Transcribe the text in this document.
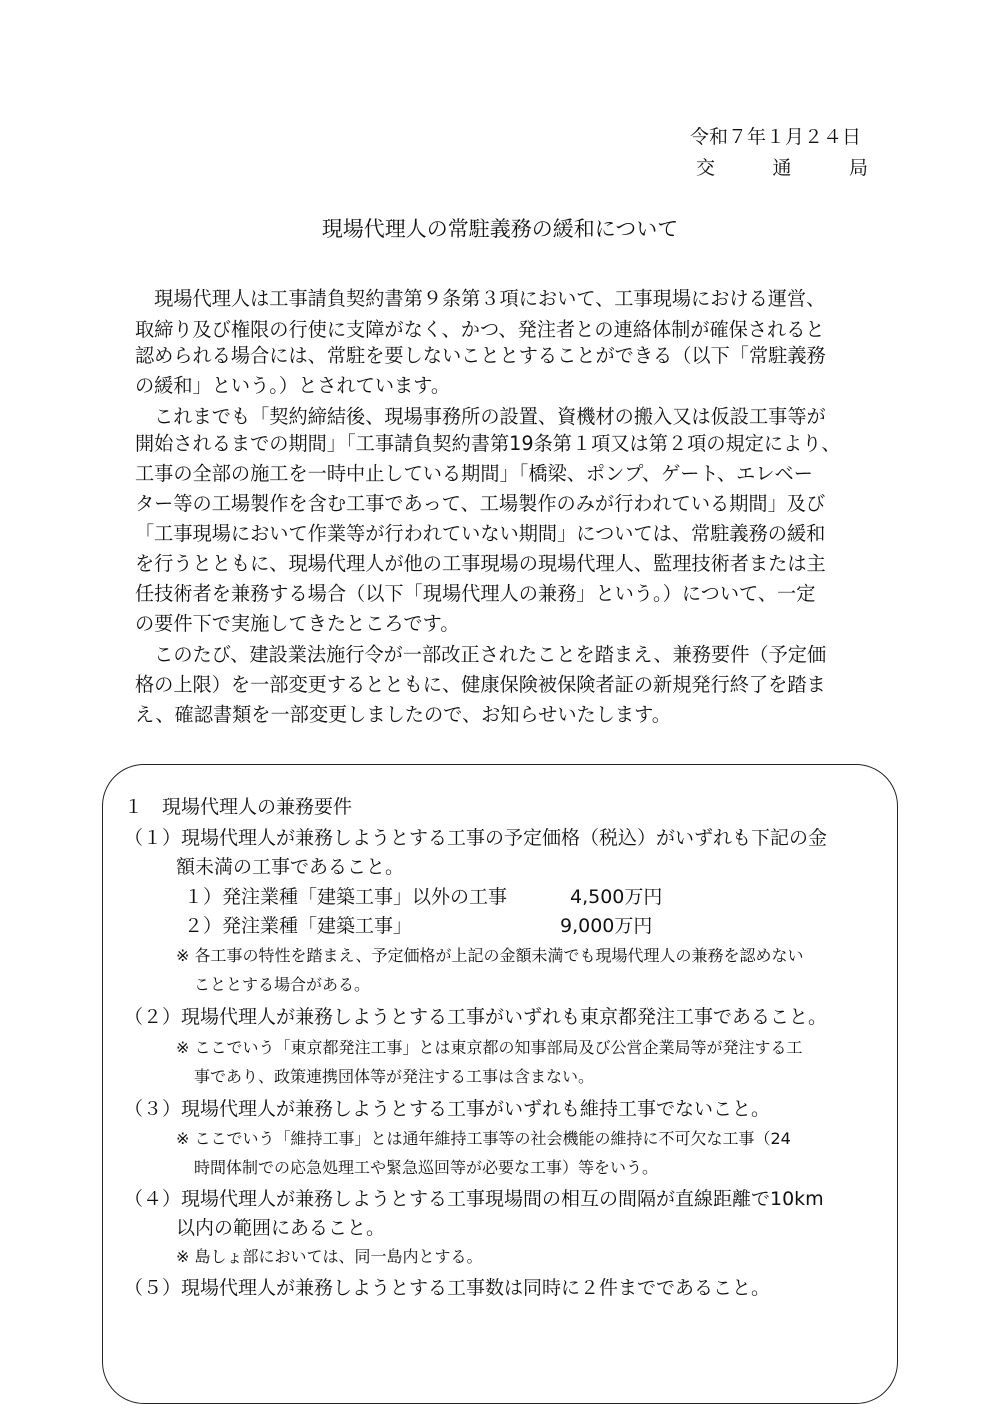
令和７年１月２４日
交	通	局
現場代理人の常駐義務の緩和について
　現場代理人は工事請負契約書第９条第３項において、工事現場における運営、
取締り及び権限の行使に支障がなく、かつ、発注者との連絡体制が確保されると
認められる場合には、常駐を要しないこととすることができる（以下「常駐義務
の緩和」という。）とされています。
　これまでも「契約締結後、現場事務所の設置、資機材の搬入又は仮設工事等が
開始されるまでの期間」「工事請負契約書第19条第１項又は第２項の規定により、
工事の全部の施工を一時中止している期間」「橋梁、ポンプ、ゲート、エレベー
ター等の工場製作を含む工事であって、工場製作のみが行われている期間」及び
「工事現場において作業等が行われていない期間」については、常駐義務の緩和
を行うとともに、現場代理人が他の工事現場の現場代理人、監理技術者または主
任技術者を兼務する場合（以下「現場代理人の兼務」という。）について、一定
の要件下で実施してきたところです。
　このたび、建設業法施行令が一部改正されたことを踏まえ、兼務要件（予定価
格の上限）を一部変更するとともに、健康保険被保険者証の新規発行終了を踏ま
え、確認書類を一部変更しましたので、お知らせいたします。
１　現場代理人の兼務要件
（１）現場代理人が兼務しようとする工事の予定価格（税込）がいずれも下記の金
額未満の工事であること。
１）発注業種「建築工事」以外の工事	4,500万円
２）発注業種「建築工事」	9,000万円
※ 各工事の特性を踏まえ、予定価格が上記の金額未満でも現場代理人の兼務を認めない
こととする場合がある。
（２）現場代理人が兼務しようとする工事がいずれも東京都発注工事であること。
※ ここでいう「東京都発注工事」とは東京都の知事部局及び公営企業局等が発注する工
事であり、政策連携団体等が発注する工事は含まない。
（３）現場代理人が兼務しようとする工事がいずれも維持工事でないこと。
※ ここでいう「維持工事」とは通年維持工事等の社会機能の維持に不可欠な工事（24
時間体制での応急処理工や緊急巡回等が必要な工事）等をいう。
（４）現場代理人が兼務しようとする工事現場間の相互の間隔が直線距離で10km
以内の範囲にあること。
※ 島しょ部においては、同一島内とする。
（５）現場代理人が兼務しようとする工事数は同時に２件までであること。
